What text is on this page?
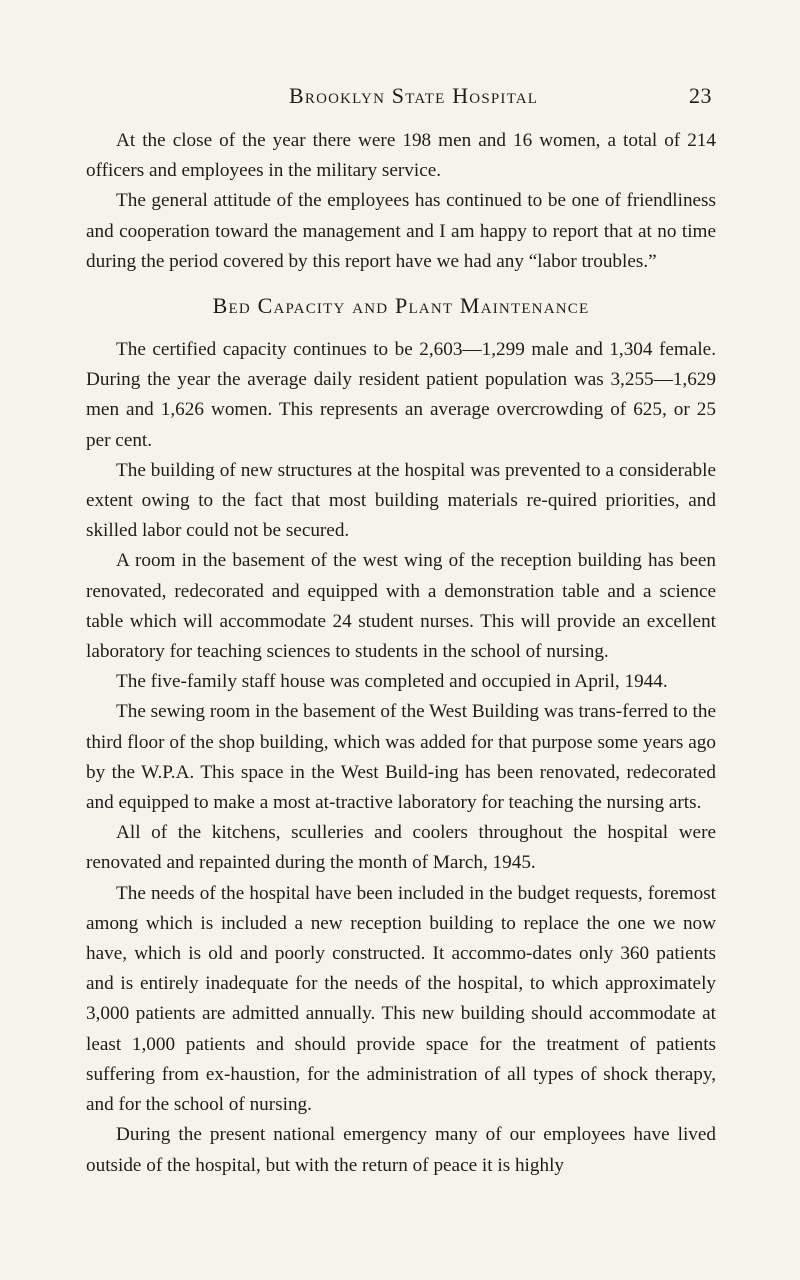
Brooklyn State Hospital	23

At the close of the year there were 198 men and 16 women, a total of 214 officers and employees in the military service.

The general attitude of the employees has continued to be one of friendliness and cooperation toward the management and I am happy to report that at no time during the period covered by this report have we had any “labor troubles.”

Bed Capacity and Plant Maintenance

The certified capacity continues to be 2,603—1,299 male and 1,304 female. During the year the average daily resident patient population was 3,255—1,629 men and 1,626 women. This represents an average overcrowding of 625, or 25 per cent.

The building of new structures at the hospital was prevented to a considerable extent owing to the fact that most building materials re-quired priorities, and skilled labor could not be secured.

A room in the basement of the west wing of the reception building has been renovated, redecorated and equipped with a demonstration table and a science table which will accommodate 24 student nurses. This will provide an excellent laboratory for teaching sciences to students in the school of nursing.

The five-family staff house was completed and occupied in April, 1944.

The sewing room in the basement of the West Building was trans-ferred to the third floor of the shop building, which was added for that purpose some years ago by the W.P.A. This space in the West Build-ing has been renovated, redecorated and equipped to make a most at-tractive laboratory for teaching the nursing arts.

All of the kitchens, sculleries and coolers throughout the hospital were renovated and repainted during the month of March, 1945.

The needs of the hospital have been included in the budget requests, foremost among which is included a new reception building to replace the one we now have, which is old and poorly constructed. It accommo-dates only 360 patients and is entirely inadequate for the needs of the hospital, to which approximately 3,000 patients are admitted annually. This new building should accommodate at least 1,000 patients and should provide space for the treatment of patients suffering from ex-haustion, for the administration of all types of shock therapy, and for the school of nursing.

During the present national emergency many of our employees have lived outside of the hospital, but with the return of peace it is highly
